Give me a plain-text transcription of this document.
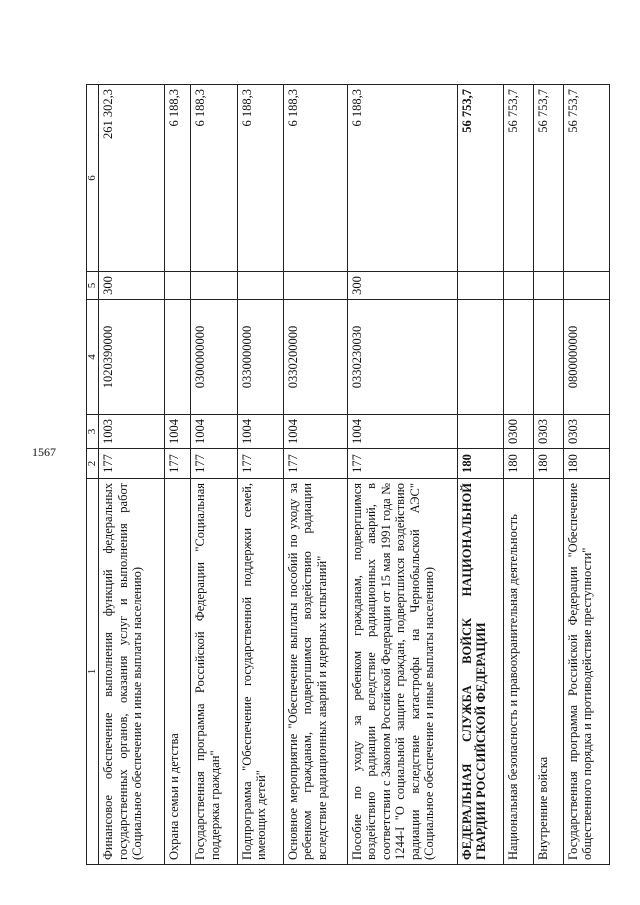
1567
1	2	3	4	5	6
Финансовое обеспечение выполнения функций федеральных государственных органов, оказания услуг и выполнения работ (Социальное обеспечение и иные выплаты населению)	177	1003	1020390000	300	261 302,3
Охрана семьи и детства	177	1004			6 188,3
Государственная программа Российской Федерации "Социальная поддержка граждан"	177	1004	0300000000		6 188,3
Подпрограмма "Обеспечение государственной поддержки семей, имеющих детей"	177	1004	0330000000		6 188,3
Основное мероприятие "Обеспечение выплаты пособий по уходу за ребенком гражданам, подвергшимся воздействию радиации вследствие радиационных аварий и ядерных испытаний"	177	1004	0330200000		6 188,3
Пособие по уходу за ребенком гражданам, подвергшимся воздействию радиации вследствие радиационных аварий, в соответствии с Законом Российской Федерации от 15 мая 1991 года № 1244-I "О социальной защите граждан, подвергшихся воздействию радиации вследствие катастрофы на Чернобыльской АЭС" (Социальное обеспечение и иные выплаты населению)	177	1004	0330230030	300	6 188,3
ФЕДЕРАЛЬНАЯ СЛУЖБА ВОЙСК НАЦИОНАЛЬНОЙ ГВАРДИИ РОССИЙСКОЙ ФЕДЕРАЦИИ	180				56 753,7
Национальная безопасность и правоохранительная деятельность	180	0300			56 753,7
Внутренние войска	180	0303			56 753,7
Государственная программа Российской Федерации "Обеспечение общественного порядка и противодействие преступности"	180	0303	0800000000		56 753,7
